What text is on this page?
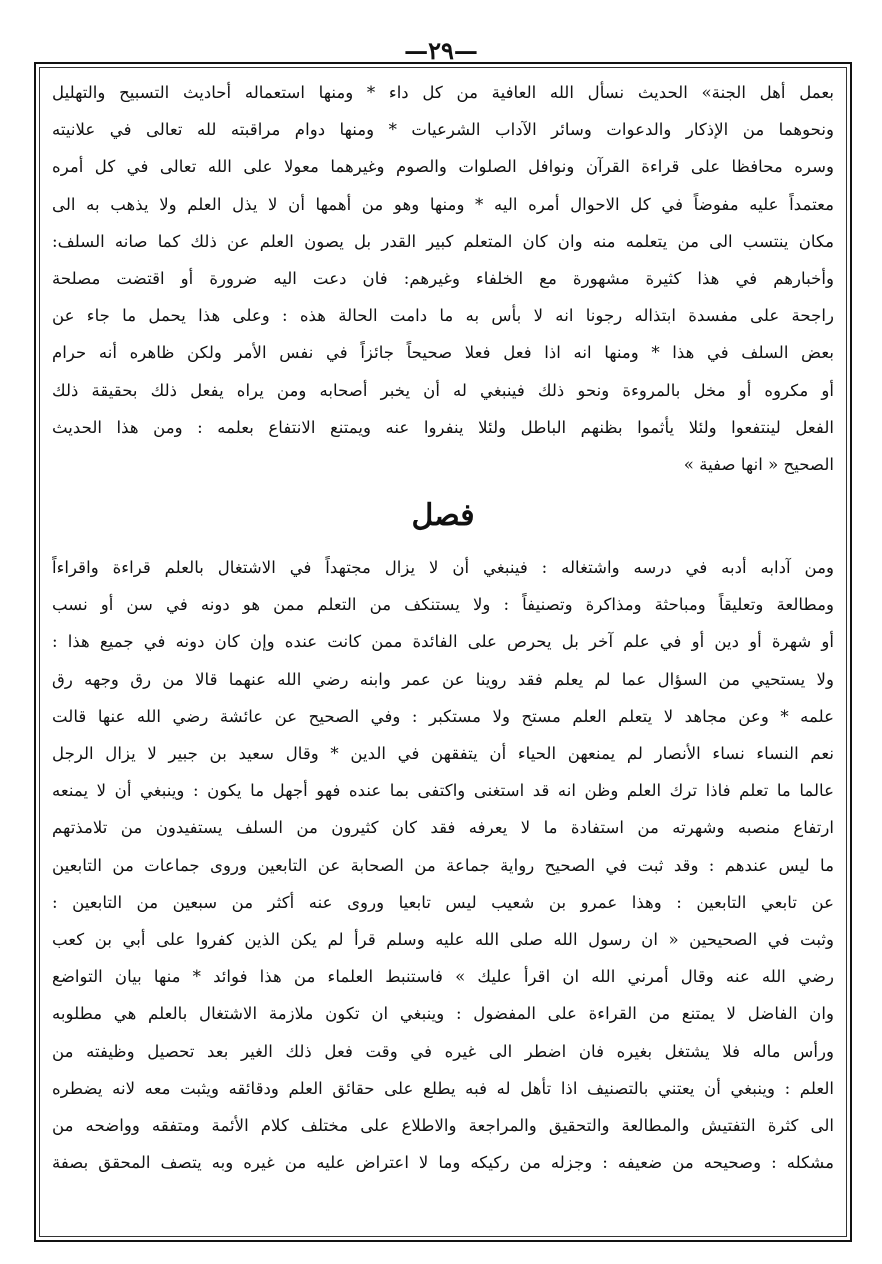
—٢٩—
بعمل أهل الجنة» الحديث نسأل الله العافية من كل داء * ومنها استعماله أحاديث التسبيح والتهليل
ونحوهما من الإذكار والدعوات وسائر الآداب الشرعيات * ومنها دوام مراقبته لله تعالى في علانيته
وسره محافظا على قراءة القرآن ونوافل الصلوات والصوم وغيرهما معولا على الله تعالى في كل أمره
معتمداً عليه مفوضاً في كل الاحوال أمره اليه * ومنها وهو من أهمها أن لا يذل العلم ولا يذهب به الى
مكان ينتسب الى من يتعلمه منه وان كان المتعلم كبير القدر بل يصون العلم عن ذلك كما صانه السلف:
وأخبارهم في هذا كثيرة مشهورة مع الخلفاء وغيرهم: فان دعت اليه ضرورة أو اقتضت مصلحة
راجحة على مفسدة ابتذاله رجونا انه لا بأس به ما دامت الحالة هذه : وعلى هذا يحمل ما جاء عن
بعض السلف في هذا * ومنها انه اذا فعل فعلا صحيحاً جائزاً في نفس الأمر ولكن ظاهره أنه حرام
أو مكروه أو مخل بالمروءة ونحو ذلك فينبغي له أن يخبر أصحابه ومن يراه يفعل ذلك بحقيقة ذلك
الفعل لينتفعوا ولئلا يأثموا بظنهم الباطل ولئلا ينفروا عنه ويمتنع الانتفاع بعلمه : ومن هذا الحديث
الصحيح « انها صفية »
فصل
ومن آدابه أدبه في درسه واشتغاله : فينبغي أن لا يزال مجتهداً في الاشتغال بالعلم قراءة واقراءاً
ومطالعة وتعليقاً ومباحثة ومذاكرة وتصنيفاً : ولا يستنكف من التعلم ممن هو دونه في سن أو نسب
أو شهرة أو دين أو في علم آخر بل يحرص على الفائدة ممن كانت عنده وإن كان دونه في جميع هذا :
ولا يستحيي من السؤال عما لم يعلم فقد روينا عن عمر وابنه رضي الله عنهما قالا من رق وجهه رق
علمه * وعن مجاهد لا يتعلم العلم مستح ولا مستكبر : وفي الصحيح عن عائشة رضي الله عنها قالت
نعم النساء نساء الأنصار لم يمنعهن الحياء أن يتفقهن في الدين * وقال سعيد بن جبير لا يزال الرجل
عالما ما تعلم فاذا ترك العلم وظن انه قد استغنى واكتفى بما عنده فهو أجهل ما يكون : وينبغي أن لا يمنعه
ارتفاع منصبه وشهرته من استفادة ما لا يعرفه فقد كان كثيرون من السلف يستفيدون من تلامذتهم
ما ليس عندهم : وقد ثبت في الصحيح رواية جماعة من الصحابة عن التابعين وروى جماعات من التابعين
عن تابعي التابعين : وهذا عمرو بن شعيب ليس تابعيا وروى عنه أكثر من سبعين من التابعين :
وثبت في الصحيحين « ان رسول الله صلى الله عليه وسلم قرأ لم يكن الذين كفروا على أبي بن كعب
رضي الله عنه وقال أمرني الله ان اقرأ عليك » فاستنبط العلماء من هذا فوائد * منها بيان التواضع
وان الفاضل لا يمتنع من القراءة على المفضول : وينبغي ان تكون ملازمة الاشتغال بالعلم هي مطلوبه
ورأس ماله فلا يشتغل بغيره فان اضطر الى غيره في وقت فعل ذلك الغير بعد تحصيل وظيفته من
العلم : وينبغي أن يعتني بالتصنيف اذا تأهل له فبه يطلع على حقائق العلم ودقائقه ويثبت معه لانه يضطره
الى كثرة التفتيش والمطالعة والتحقيق والمراجعة والاطلاع على مختلف كلام الأئمة ومتفقه وواضحه من
مشكله : وصحيحه من ضعيفه : وجزله من ركيكه وما لا اعتراض عليه من غيره وبه يتصف المحقق بصفة
